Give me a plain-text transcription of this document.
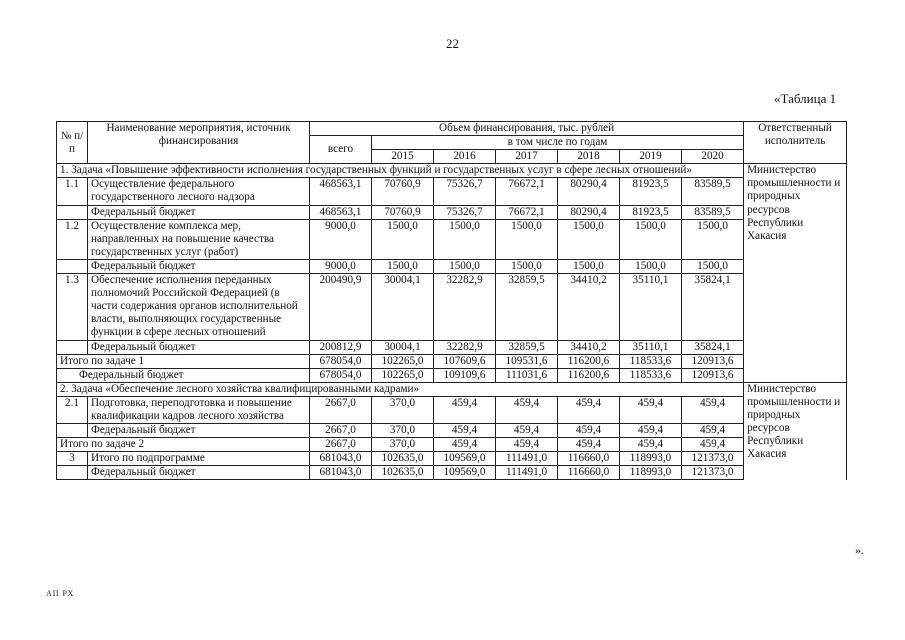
22
«Таблица 1
№ п/п	Наименование мероприятия, источник финансирования	Объем финансирования, тыс. рублей							Ответственный исполнитель
		всего	в том числе по годам						
			2015	2016	2017	2018	2019	2020	
1. Задача «Повышение эффективности исполнения государственных функций и государственных услуг в сфере лесных отношений»									Министерство промышленности и природных ресурсов Республики Хакасия
1.1	Осуществление федерального государственного лесного надзора	468563,1	70760,9	75326,7	76672,1	80290,4	81923,5	83589,5	
	Федеральный бюджет	468563,1	70760,9	75326,7	76672,1	80290,4	81923,5	83589,5	
1.2	Осуществление комплекса мер, направленных на повышение качества государственных услуг (работ)	9000,0	1500,0	1500,0	1500,0	1500,0	1500,0	1500,0	
	Федеральный бюджет	9000,0	1500,0	1500,0	1500,0	1500,0	1500,0	1500,0	
1.3	Обеспечение исполнения переданных полномочий Российской Федерацией (в части содержания органов исполнительной власти, выполняющих государственные функции в сфере лесных отношений	200490,9	30004,1	32282,9	32859,5	34410,2	35110,1	35824,1	
	Федеральный бюджет	200812,9	30004,1	32282,9	32859,5	34410,2	35110,1	35824,1	
Итого по задаче 1		678054,0	102265,0	107609,6	109531,6	116200,6	118533,6	120913,6	
Федеральный бюджет		678054,0	102265,0	109109,6	111031,6	116200,6	118533,6	120913,6	
2. Задача «Обеспечение лесного хозяйства квалифицированными кадрами»									Министерство промышленности и природных ресурсов Республики Хакасия
2.1	Подготовка, переподготовка и повышение квалификации кадров лесного хозяйства	2667,0	370,0	459,4	459,4	459,4	459,4	459,4	
	Федеральный бюджет	2667,0	370,0	459,4	459,4	459,4	459,4	459,4	
Итого по задаче 2		2667,0	370,0	459,4	459,4	459,4	459,4	459,4	
3	Итого по подпрограмме	681043,0	102635,0	109569,0	111491,0	116660,0	118993,0	121373,0	
	Федеральный бюджет	681043,0	102635,0	109569,0	111491,0	116660,0	118993,0	121373,0	
».
АП РХ
